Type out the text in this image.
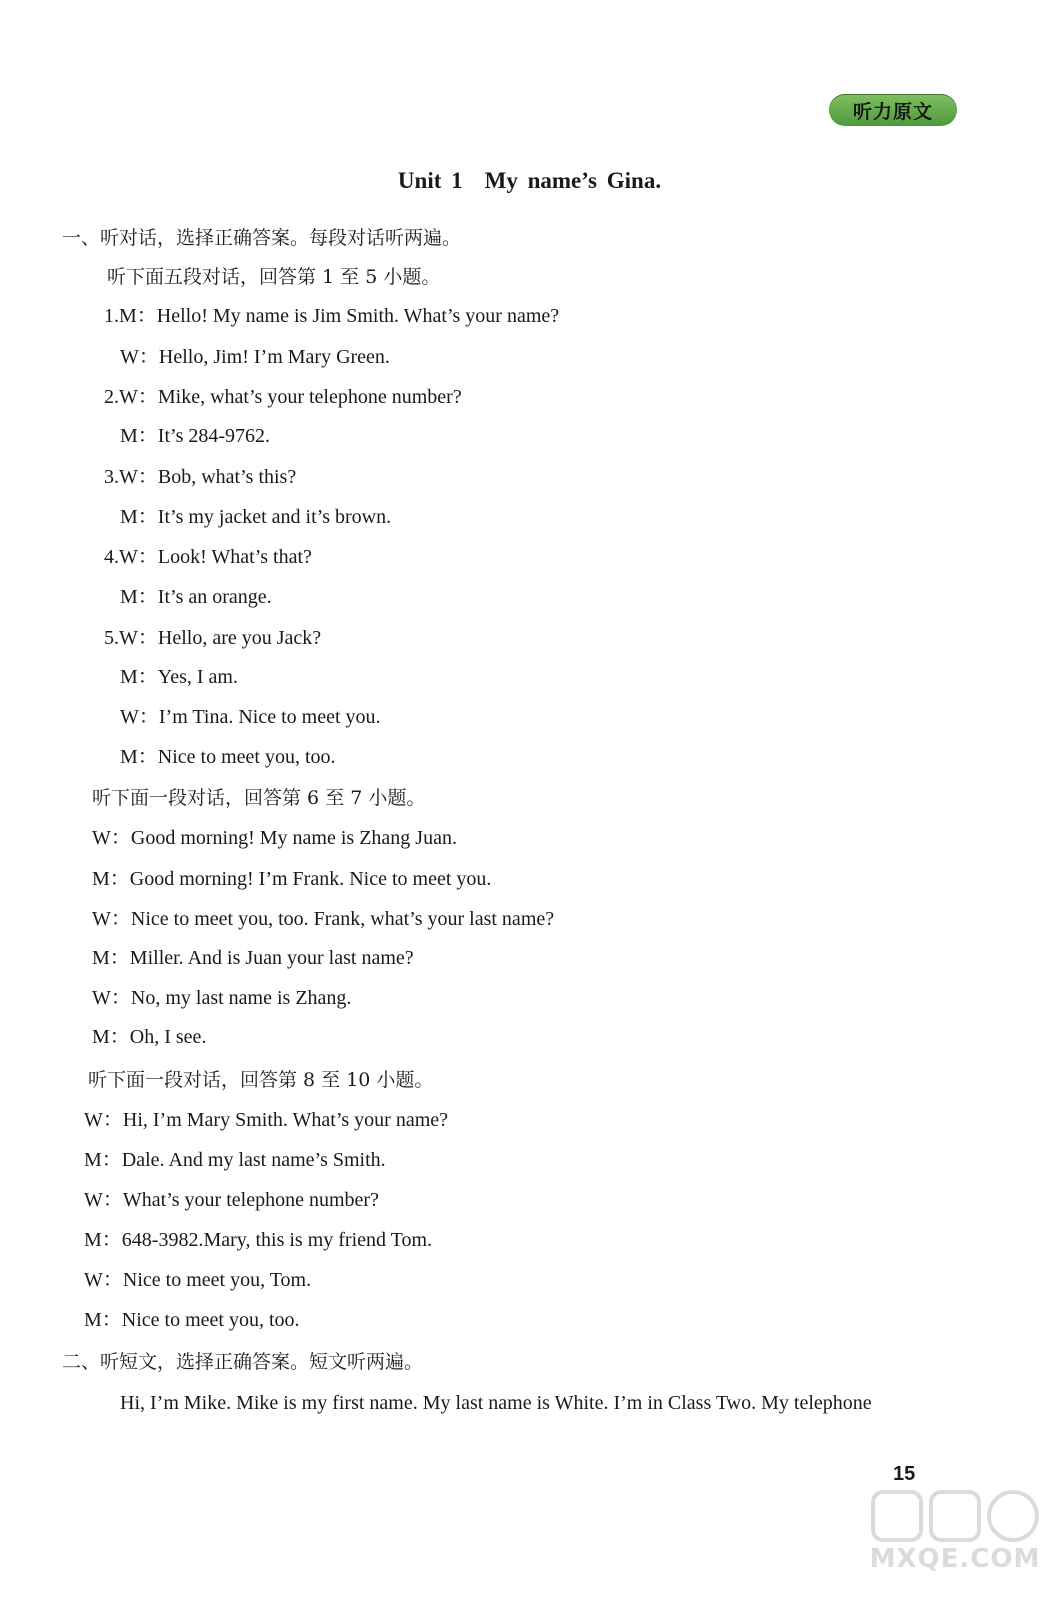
听力原文
Unit 1 My name’s Gina.
一、听对话，选择正确答案。每段对话听两遍。
听下面五段对话，回答第 1 至 5 小题。
1.M：Hello! My name is Jim Smith. What’s your name?
W：Hello, Jim! I’m Mary Green.
2.W：Mike, what’s your telephone number?
M：It’s 284-9762.
3.W：Bob, what’s this?
M：It’s my jacket and it’s brown.
4.W：Look! What’s that?
M：It’s an orange.
5.W：Hello, are you Jack?
M：Yes, I am.
W：I’m Tina. Nice to meet you.
M：Nice to meet you, too.
听下面一段对话，回答第 6 至 7 小题。
W：Good morning! My name is Zhang Juan.
M：Good morning! I’m Frank. Nice to meet you.
W：Nice to meet you, too. Frank, what’s your last name?
M：Miller. And is Juan your last name?
W：No, my last name is Zhang.
M：Oh, I see.
听下面一段对话，回答第 8 至 10 小题。
W：Hi, I’m Mary Smith. What’s your name?
M：Dale. And my last name’s Smith.
W：What’s your telephone number?
M：648-3982.Mary, this is my friend Tom.
W：Nice to meet you, Tom.
M：Nice to meet you, too.
二、听短文，选择正确答案。短文听两遍。
Hi, I’m Mike. Mike is my first name. My last name is White. I’m in Class Two. My telephone
15
MXQE.COM
